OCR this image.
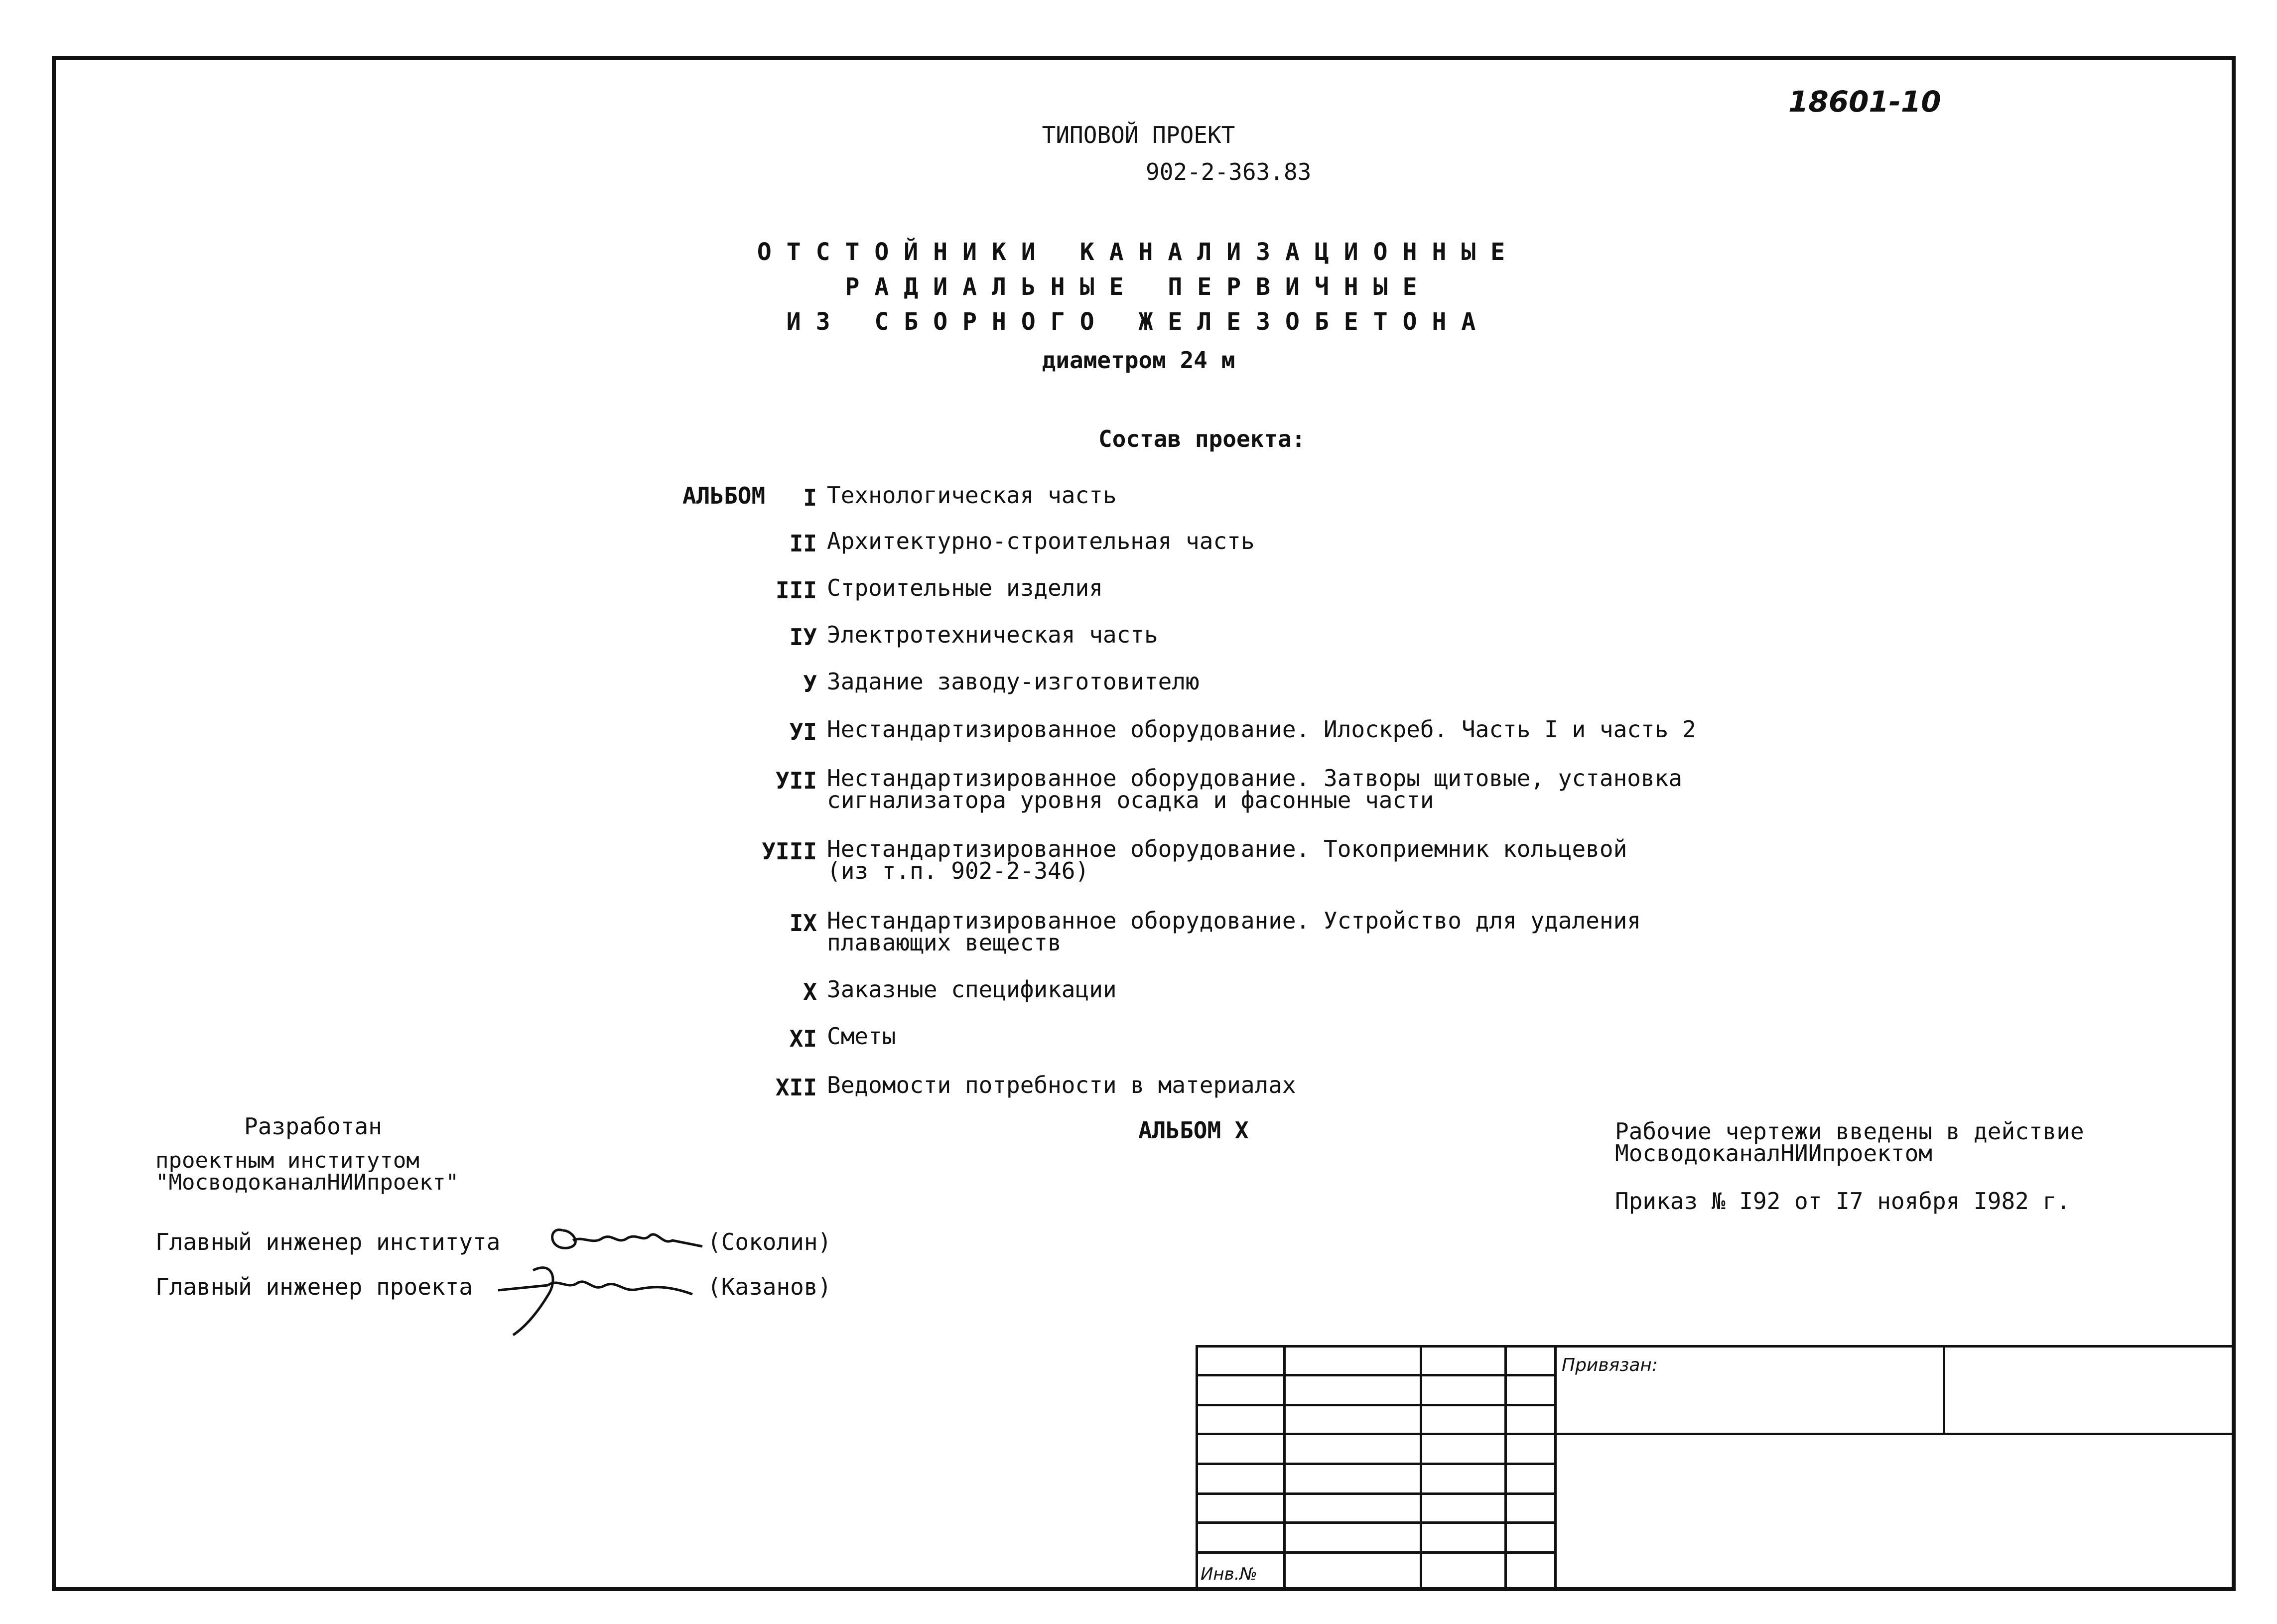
18601-10
ТИПОВОЙ ПРОЕКТ
902-2-363.83
ОТСТОЙНИКИ КАНАЛИЗАЦИОННЫЕ
РАДИАЛЬНЫЕ ПЕРВИЧНЫЕ
ИЗ СБОРНОГО ЖЕЛЕЗОБЕТОНА
диаметром 24 м
Состав проекта:
АЛЬБОМ	I Технологическая часть
II Архитектурно-строительная часть
III Строительные изделия
IУ Электротехническая часть
У Задание заводу-изготовителю
УI Нестандартизированное оборудование. Илоскреб. Часть I и часть 2
УII Нестандартизированное оборудование. Затворы щитовые, установка
сигнализатора уровня осадка и фасонные части
УIII Нестандартизированное оборудование. Токоприемник кольцевой
(из т.п. 902-2-346)
IX Нестандартизированное оборудование. Устройство для удаления
плавающих веществ
X Заказные спецификации
XI Сметы
XII Ведомости потребности в материалах
АЛЬБОМ X
Разработан
проектным институтом
"МосводоканалНИИпроект"
Главный инженер института	(Соколин)
Главный инженер проекта	(Казанов)
Рабочие чертежи введены в действие
МосводоканалНИИпроектом
Приказ № I92 от I7 ноября I982 г.
Привязан:
Инв.№
